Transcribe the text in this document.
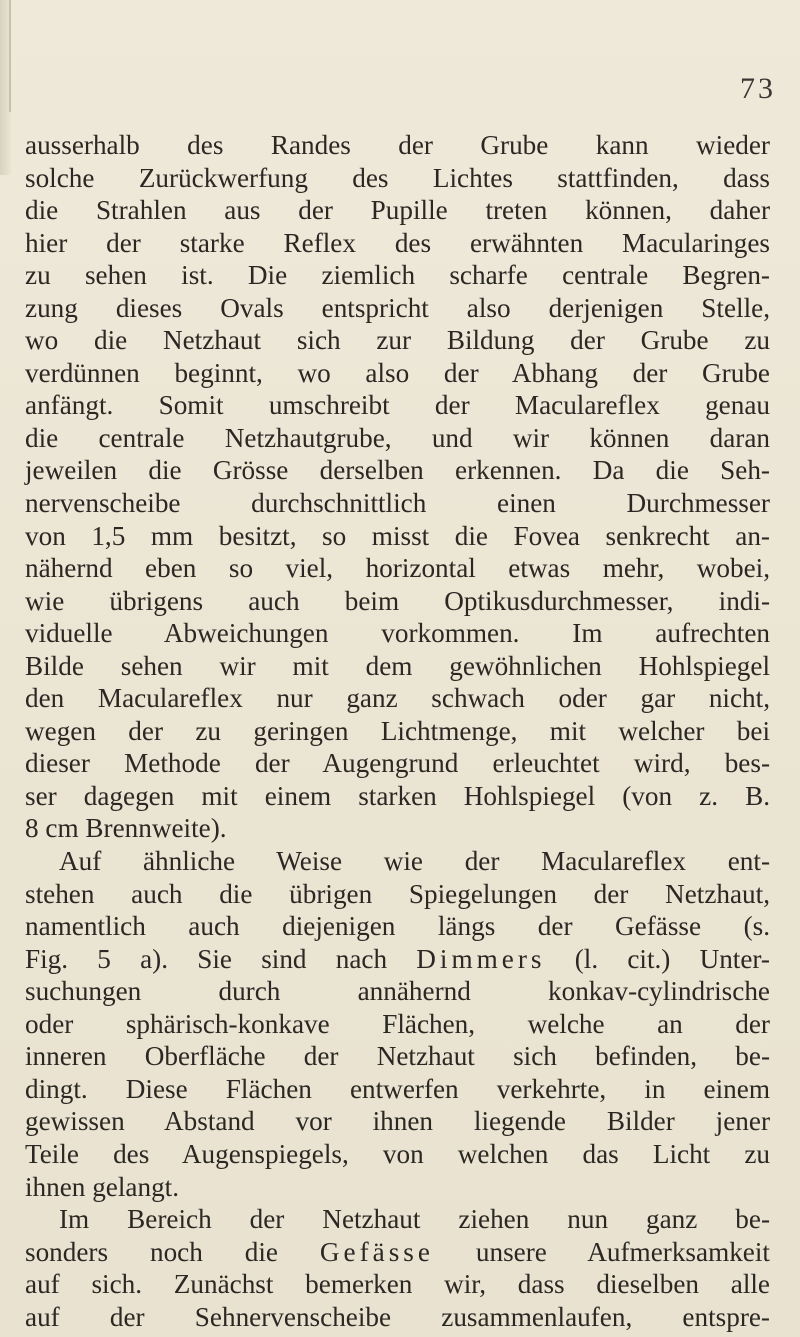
73
ausserhalb des Randes der Grube kann wieder
solche Zurückwerfung des Lichtes stattfinden, dass
die Strahlen aus der Pupille treten können, daher
hier der starke Reflex des erwähnten Macularinges
zu sehen ist. Die ziemlich scharfe centrale Begren-
zung dieses Ovals entspricht also derjenigen Stelle,
wo die Netzhaut sich zur Bildung der Grube zu
verdünnen beginnt, wo also der Abhang der Grube
anfängt. Somit umschreibt der Maculareflex genau
die centrale Netzhautgrube, und wir können daran
jeweilen die Grösse derselben erkennen. Da die Seh-
nervenscheibe durchschnittlich einen Durchmesser
von 1,5 mm besitzt, so misst die Fovea senkrecht an-
nähernd eben so viel, horizontal etwas mehr, wobei,
wie übrigens auch beim Optikusdurchmesser, indi-
viduelle Abweichungen vorkommen. Im aufrechten
Bilde sehen wir mit dem gewöhnlichen Hohlspiegel
den Maculareflex nur ganz schwach oder gar nicht,
wegen der zu geringen Lichtmenge, mit welcher bei
dieser Methode der Augengrund erleuchtet wird, bes-
ser dagegen mit einem starken Hohlspiegel (von z. B.
8 cm Brennweite).
Auf ähnliche Weise wie der Maculareflex ent-
stehen auch die übrigen Spiegelungen der Netzhaut,
namentlich auch diejenigen längs der Gefässe (s.
Fig. 5 a). Sie sind nach Dimmers (l. cit.) Unter-
suchungen durch annähernd konkav-cylindrische
oder sphärisch-konkave Flächen, welche an der
inneren Oberfläche der Netzhaut sich befinden, be-
dingt. Diese Flächen entwerfen verkehrte, in einem
gewissen Abstand vor ihnen liegende Bilder jener
Teile des Augenspiegels, von welchen das Licht zu
ihnen gelangt.
Im Bereich der Netzhaut ziehen nun ganz be-
sonders noch die Gefässe unsere Aufmerksamkeit
auf sich. Zunächst bemerken wir, dass dieselben alle
auf der Sehnervenscheibe zusammenlaufen, entspre-
